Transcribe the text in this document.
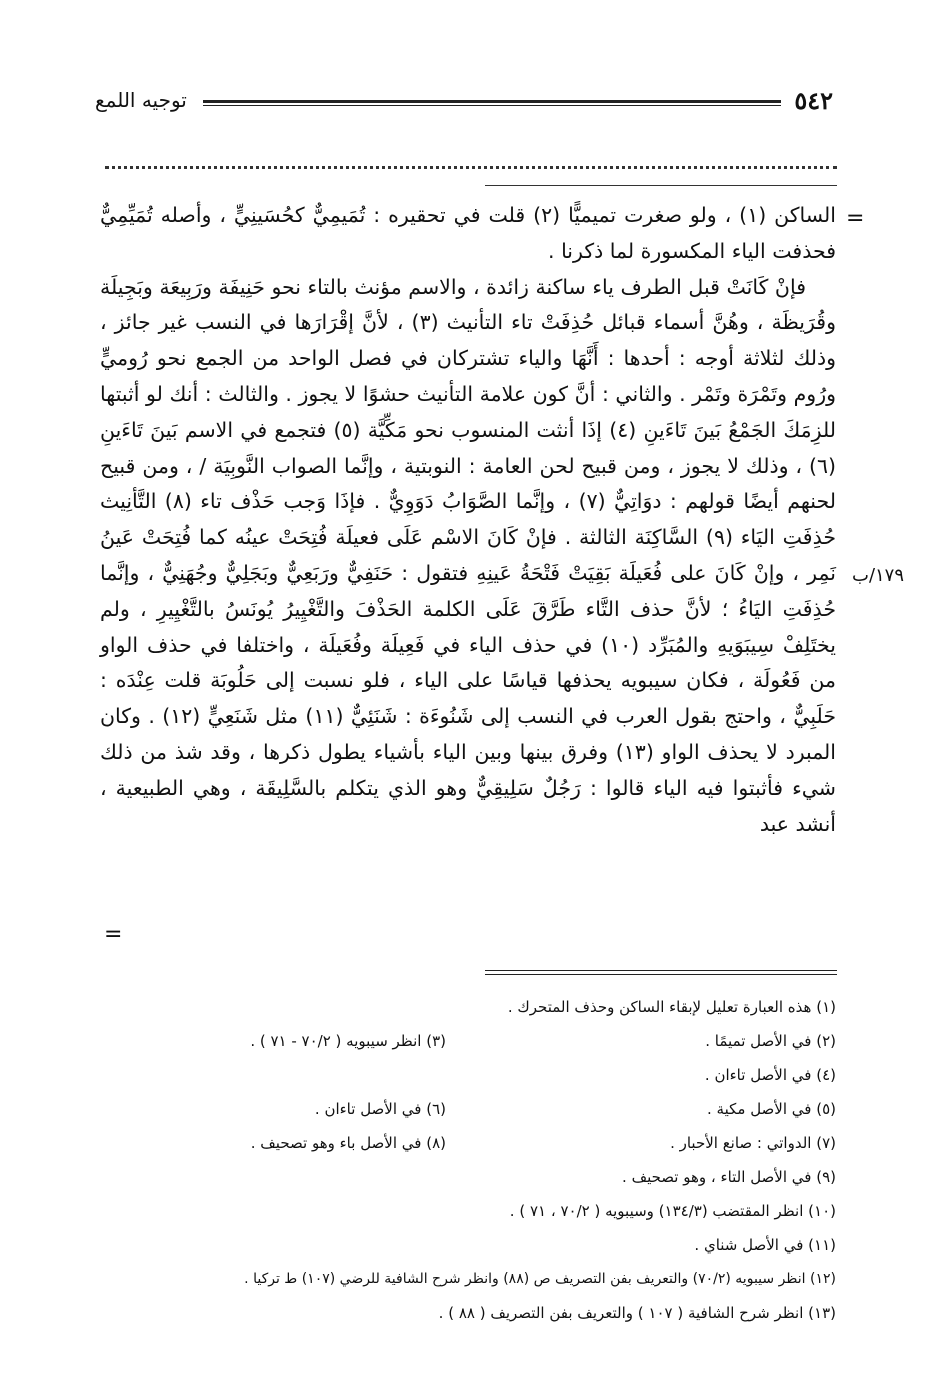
٥٤٢
توجيه اللمع
=
١٧٩/ب

الساكن (١) ، ولو صغرت تميميًّا (٢) قلت في تحقيره : تُمَيمِيٌّ كحُسَينِيٍّ ، وأصله تُمَيِّمِيٌّ فحذفت الياء المكسورة لما ذكرنا .

فإنْ كَانَتْ قبل الطرف ياء ساكنة زائدة ، والاسم مؤنث بالتاء نحو حَنِيفَة ورَبِيعَة وبَجِيلَة وقُرَيظَة ، وهُنَّ أسماء قبائل حُذِفَتْ تاء التأنيث (٣) ، لأنَّ إقْرَارَها في النسب غير جائز ، وذلك لثلاثة أوجه : أحدها : أَنَّهَا والياء تشتركان في فصل الواحد من الجمع نحو رُوميٍّ ورُوم وتَمْرَة وتَمْر . والثاني : أنَّ كون علامة التأنيث حشوًا لا يجوز . والثالث : أنك لو أثبتها للزِمَكَ الجَمْعُ بَينَ تَاءَينِ (٤) إذَا أنثت المنسوب نحو مَكِّيَّة (٥) فتجمع في الاسم بَينَ تَاءَينِ (٦) ، وذلك لا يجوز ، ومن قبيح لحن العامة : النوبتية ، وإنَّما الصواب النَّوبِيَة / ، ومن قبيح لحنهم أيضًا قولهم : دوَاتِيٌّ (٧) ، وإنَّما الصَّوَابُ دَوَوِيٌّ . فإذَا وَجب حَذْف تاء (٨) التَّأنِيث حُذِفَتِ اليَاء (٩) السَّاكِنَة الثالثة . فإنْ كَانَ الاسْم عَلَى فعيلَة فُتِحَتْ عينُه كما فُتِحَتْ عَينُ نَمِر ، وإنْ كَانَ على فُعَيلَة بَقِيَتْ فَتْحَةُ عَينِهِ فتقول : حَنَفِيٌّ ورَبَعِيٌّ وبَجَلِيٌّ وجُهَنِيٌّ ، وإنَّما حُذِفَتِ اليَاءُ ؛ لأنَّ حذف التَّاء طَرَّقَ عَلَى الكلمة الحَذْفَ والتَّغْيِيرُ يُونَسُ بالتَّغْيِيرِ ، ولم يختَلِفْ سِيبَوَيهِ والمُبَرِّد (١٠) في حذف الياء في فَعِيلَة وفُعَيلَة ، واختلفا في حذف الواو من فَعُولَة ، فكان سيبويه يحذفها قياسًا على الياء ، فلو نسبت إلى حَلُوبَة قلت عِنْدَه : حَلَبِيٌّ ، واحتج بقول العرب في النسب إلى شَنُوءَة : شَنَئِيٌّ (١١) مثل شَنَعِيٍّ (١٢) . وكان المبرد لا يحذف الواو (١٣) وفرق بينها وبين الياء بأشياء يطول ذكرها ، وقد شذ من ذلك شيء فأثبتوا فيه الياء قالوا : رَجُلٌ سَلِيقِيٌّ وهو الذي يتكلم بالسَّلِيقَة ، وهي الطبيعية ، أنشد عبد

=
(١) هذه العبارة تعليل لإبقاء الساكن وحذف المتحرك .
(٢) في الأصل تميمًا .
(٣) انظر سيبويه ( ٧٠/٢ - ٧١ ) .
(٤) في الأصل تاءان .
(٥) في الأصل مكية .
(٦) في الأصل تاءان .
(٧) الدواتي : صانع الأحبار .
(٨) في الأصل باء وهو تصحيف .
(٩) في الأصل التاء ، وهو تصحيف .
(١٠) انظر المقتضب (١٣٤/٣) وسيبويه ( ٧٠/٢ ، ٧١ ) .
(١١) في الأصل شناي .
(١٢) انظر سيبويه (٧٠/٢) والتعريف بفن التصريف ص (٨٨) وانظر شرح الشافية للرضي (١٠٧) ط تركيا .
(١٣) انظر شرح الشافية ( ١٠٧ ) والتعريف بفن التصريف ( ٨٨ ) .
